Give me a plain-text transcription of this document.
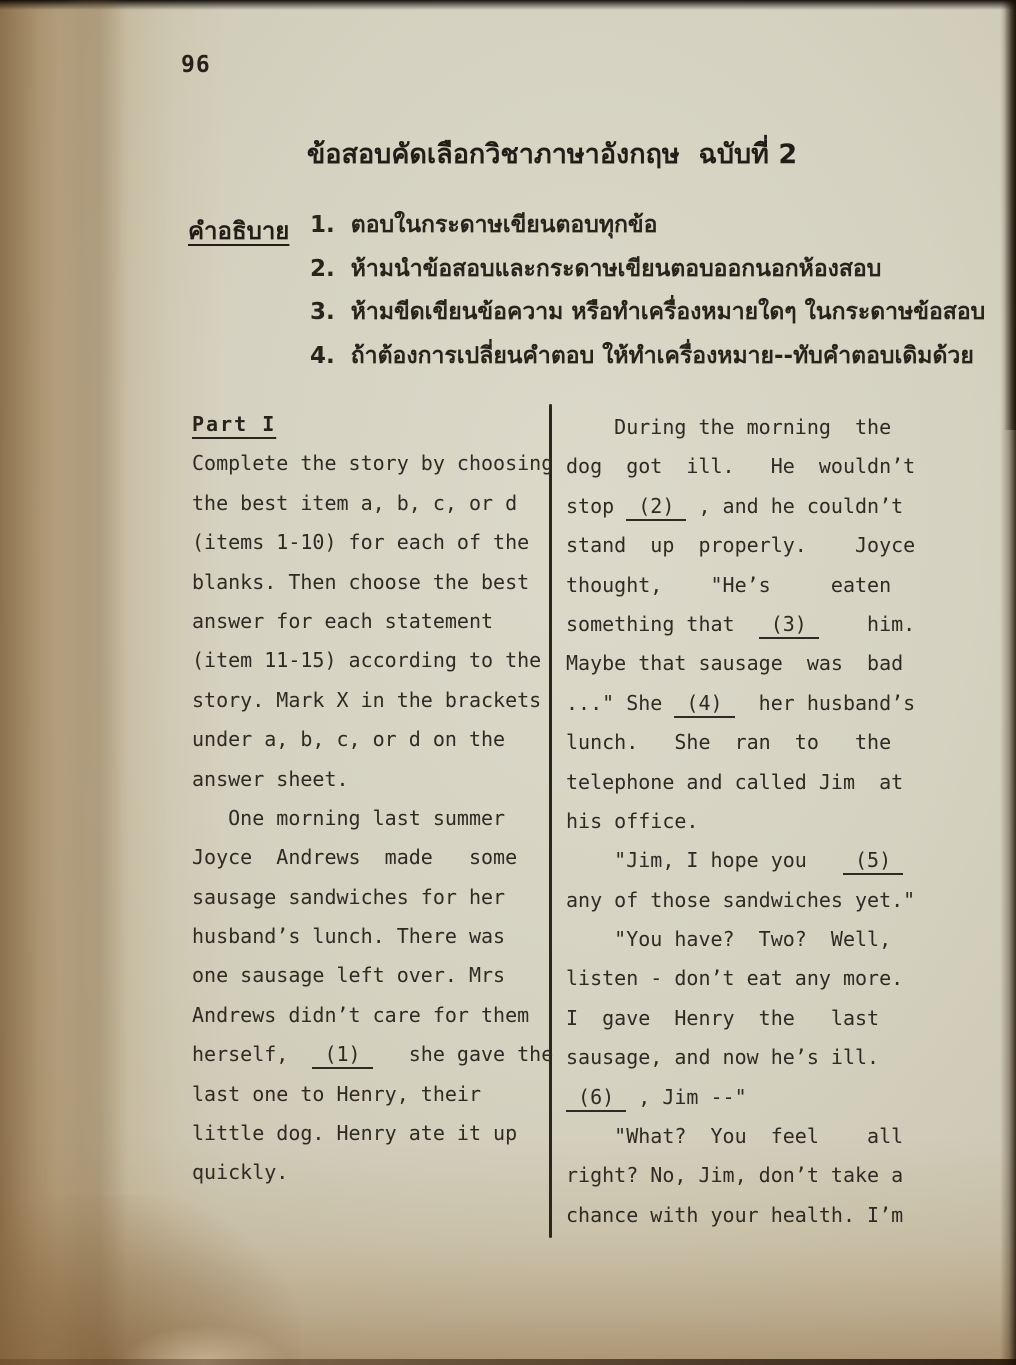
96
ข้อสอบคัดเลือกวิชาภาษาอังกฤษ  ฉบับที่ 2
คำอธิบาย 1.  ตอบในกระดาษเขียนตอบทุกข้อ
2.  ห้ามนำข้อสอบและกระดาษเขียนตอบออกนอกห้องสอบ
3.  ห้ามขีดเขียนข้อความ หรือทำเครื่องหมายใดๆ ในกระดาษข้อสอบ
4.  ถ้าต้องการเปลี่ยนคำตอบ ให้ทำเครื่องหมาย--ทับคำตอบเดิมด้วย
Part I
Complete the story by choosing
the best item a, b, c, or d
(items 1-10) for each of the
blanks. Then choose the best
answer for each statement
(item 11-15) according to the
story. Mark X in the brackets
under a, b, c, or d on the
answer sheet.
One morning last summer
Joyce  Andrews  made   some
sausage sandwiches for her
husband’s lunch. There was
one sausage left over. Mrs
Andrews didn’t care for them
herself,   (1)    she gave the
last one to Henry, their
little dog. Henry ate it up
quickly.
During the morning  the
dog  got  ill.   He  wouldn’t
stop  (2)  , and he couldn’t
stand  up  properly.    Joyce
thought,    "He’s     eaten
something that   (3)     him.
Maybe that sausage  was  bad
..." She  (4)   her husband’s
lunch.   She  ran  to   the
telephone and called Jim  at
his office.
"Jim, I hope you    (5)
any of those sandwiches yet."
"You have?  Two?  Well,
listen - don’t eat any more.
I  gave  Henry  the   last
sausage, and now he’s ill.
(6)  , Jim --"
"What?  You  feel    all
right? No, Jim, don’t take a
chance with your health. I’m
